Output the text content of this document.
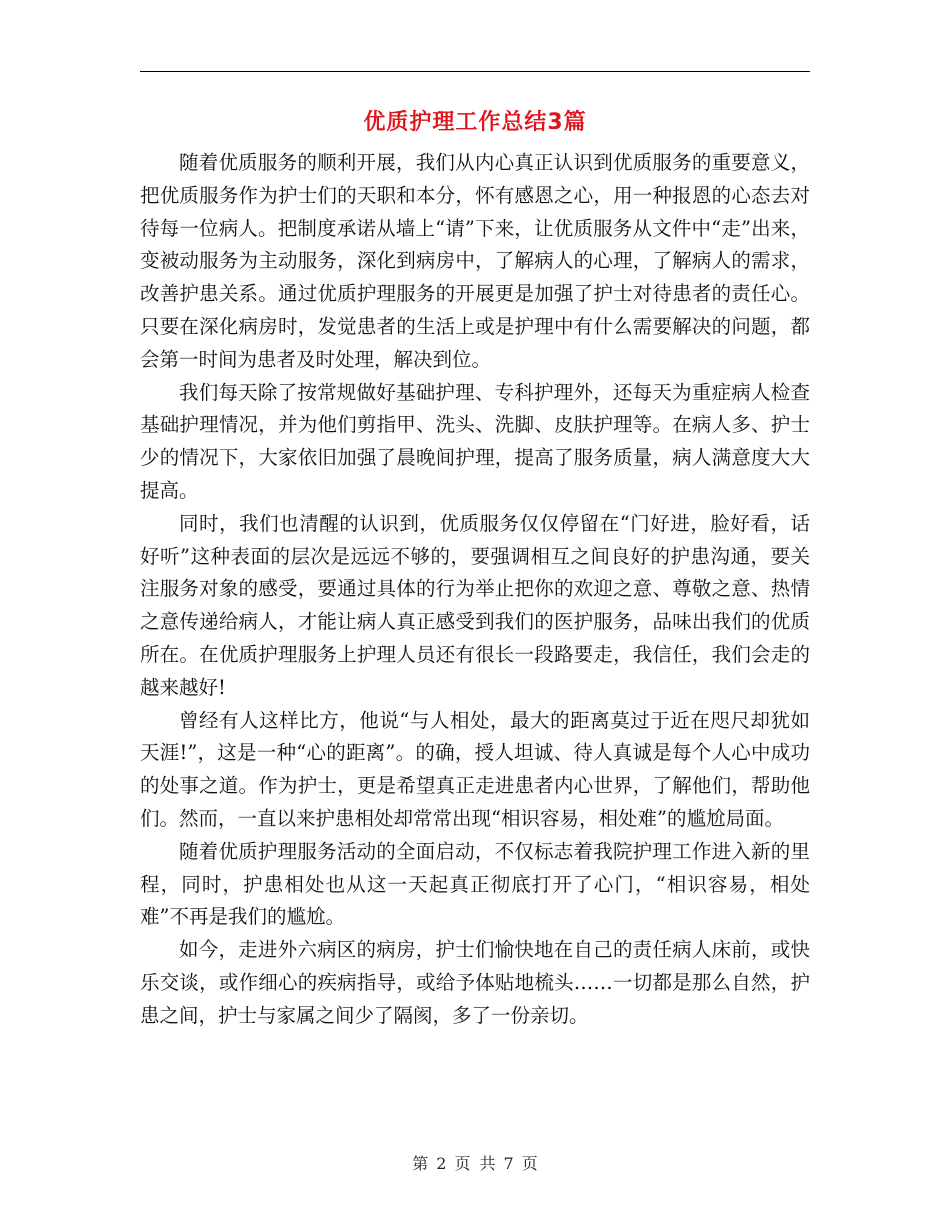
优质护理工作总结3篇

随着优质服务的顺利开展，我们从内心真正认识到优质服务的重要意义，把优质服务作为护士们的天职和本分，怀有感恩之心，用一种报恩的心态去对待每一位病人。把制度承诺从墙上“请”下来，让优质服务从文件中“走”出来，变被动服务为主动服务，深化到病房中，了解病人的心理，了解病人的需求，改善护患关系。通过优质护理服务的开展更是加强了护士对待患者的责任心。只要在深化病房时，发觉患者的生活上或是护理中有什么需要解决的问题，都会第一时间为患者及时处理，解决到位。

我们每天除了按常规做好基础护理、专科护理外，还每天为重症病人检查基础护理情况，并为他们剪指甲、洗头、洗脚、皮肤护理等。在病人多、护士少的情况下，大家依旧加强了晨晚间护理，提高了服务质量，病人满意度大大提高。

同时，我们也清醒的认识到，优质服务仅仅停留在“门好进，脸好看，话好听”这种表面的层次是远远不够的，要强调相互之间良好的护患沟通，要关注服务对象的感受，要通过具体的行为举止把你的欢迎之意、尊敬之意、热情之意传递给病人，才能让病人真正感受到我们的医护服务，品味出我们的优质所在。在优质护理服务上护理人员还有很长一段路要走，我信任，我们会走的越来越好!

曾经有人这样比方，他说“与人相处，最大的距离莫过于近在咫尺却犹如天涯!”，这是一种“心的距离”。的确，授人坦诚、待人真诚是每个人心中成功的处事之道。作为护士，更是希望真正走进患者内心世界，了解他们，帮助他们。然而，一直以来护患相处却常常出现“相识容易，相处难”的尴尬局面。

随着优质护理服务活动的全面启动，不仅标志着我院护理工作进入新的里程，同时，护患相处也从这一天起真正彻底打开了心门，“相识容易，相处难”不再是我们的尴尬。

如今，走进外六病区的病房，护士们愉快地在自己的责任病人床前，或快乐交谈，或作细心的疾病指导，或给予体贴地梳头……一切都是那么自然，护患之间，护士与家属之间少了隔阂，多了一份亲切。

第 2 页 共 7 页
